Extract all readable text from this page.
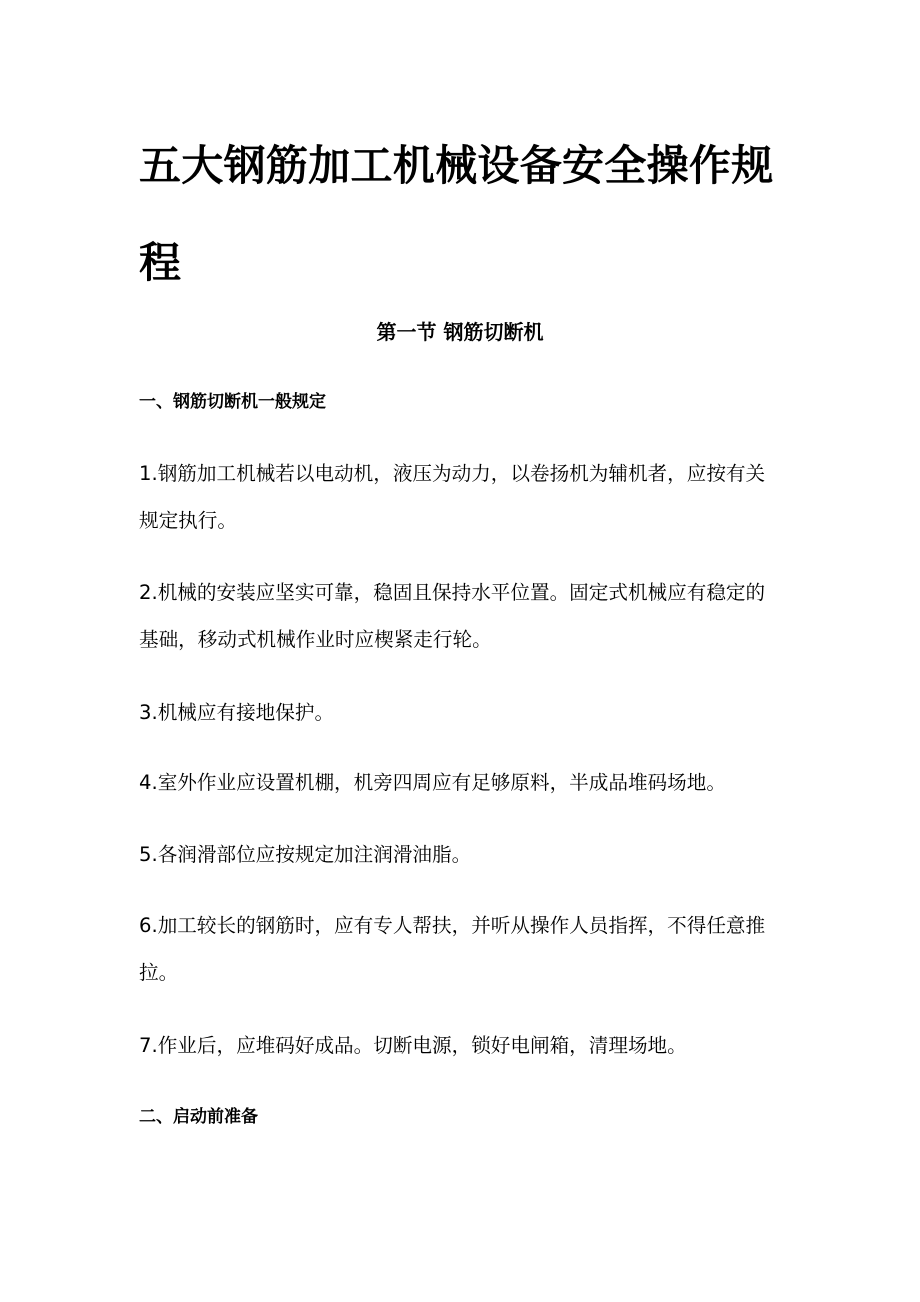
五大钢筋加工机械设备安全操作规程
第一节 钢筋切断机
一、钢筋切断机一般规定

1.钢筋加工机械若以电动机，液压为动力，以卷扬机为辅机者，应按有关规定执行。

2.机械的安装应坚实可靠，稳固且保持水平位置。固定式机械应有稳定的基础，移动式机械作业时应楔紧走行轮。

3.机械应有接地保护。

4.室外作业应设置机棚，机旁四周应有足够原料，半成品堆码场地。

5.各润滑部位应按规定加注润滑油脂。

6.加工较长的钢筋时，应有专人帮扶，并听从操作人员指挥，不得任意推拉。

7.作业后，应堆码好成品。切断电源，锁好电闸箱，清理场地。

二、启动前准备
